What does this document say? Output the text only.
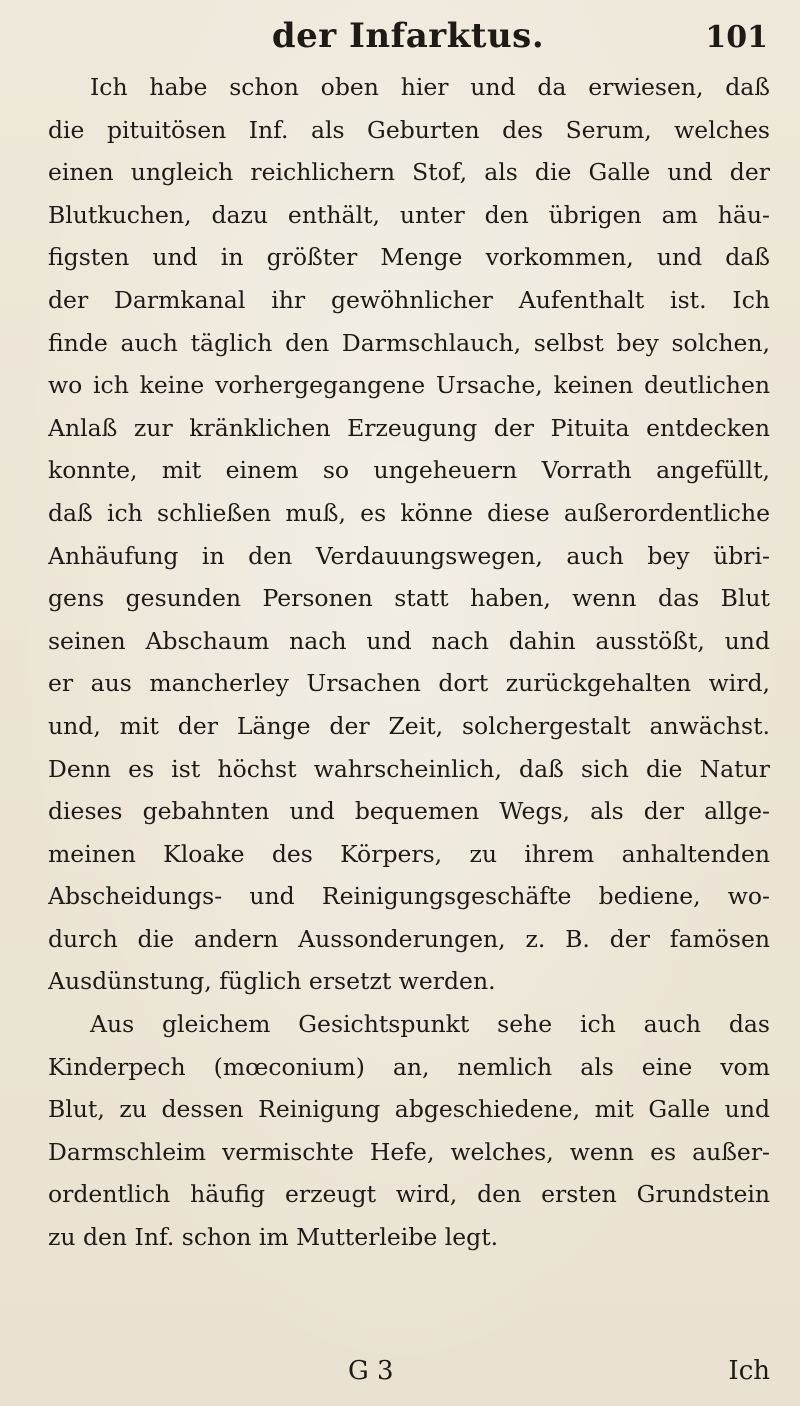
der Infarktus.	101

Ich habe schon oben hier und da erwiesen, daß
die pituitösen Inf. als Geburten des Serum, welches
einen ungleich reichlichern Stof, als die Galle und der
Blutkuchen, dazu enthält, unter den übrigen am häu-
figsten und in größter Menge vorkommen, und daß
der Darmkanal ihr gewöhnlicher Aufenthalt ist. Ich
finde auch täglich den Darmschlauch, selbst bey solchen,
wo ich keine vorhergegangene Ursache, keinen deutlichen
Anlaß zur kränklichen Erzeugung der Pituita entdecken
konnte, mit einem so ungeheuern Vorrath angefüllt,
daß ich schließen muß, es könne diese außerordentliche
Anhäufung in den Verdauungswegen, auch bey übri-
gens gesunden Personen statt haben, wenn das Blut
seinen Abschaum nach und nach dahin ausstößt, und
er aus mancherley Ursachen dort zurückgehalten wird,
und, mit der Länge der Zeit, solchergestalt anwächst.
Denn es ist höchst wahrscheinlich, daß sich die Natur
dieses gebahnten und bequemen Wegs, als der allge-
meinen Kloake des Körpers, zu ihrem anhaltenden
Abscheidungs- und Reinigungsgeschäfte bediene, wo-
durch die andern Aussonderungen, z. B. der famösen
Ausdünstung, füglich ersetzt werden.

Aus gleichem Gesichtspunkt sehe ich auch das
Kinderpech (mœconium) an, nemlich als eine vom
Blut, zu dessen Reinigung abgeschiedene, mit Galle und
Darmschleim vermischte Hefe, welches, wenn es außer-
ordentlich häufig erzeugt wird, den ersten Grundstein
zu den Inf. schon im Mutterleibe legt.

G 3	Ich
